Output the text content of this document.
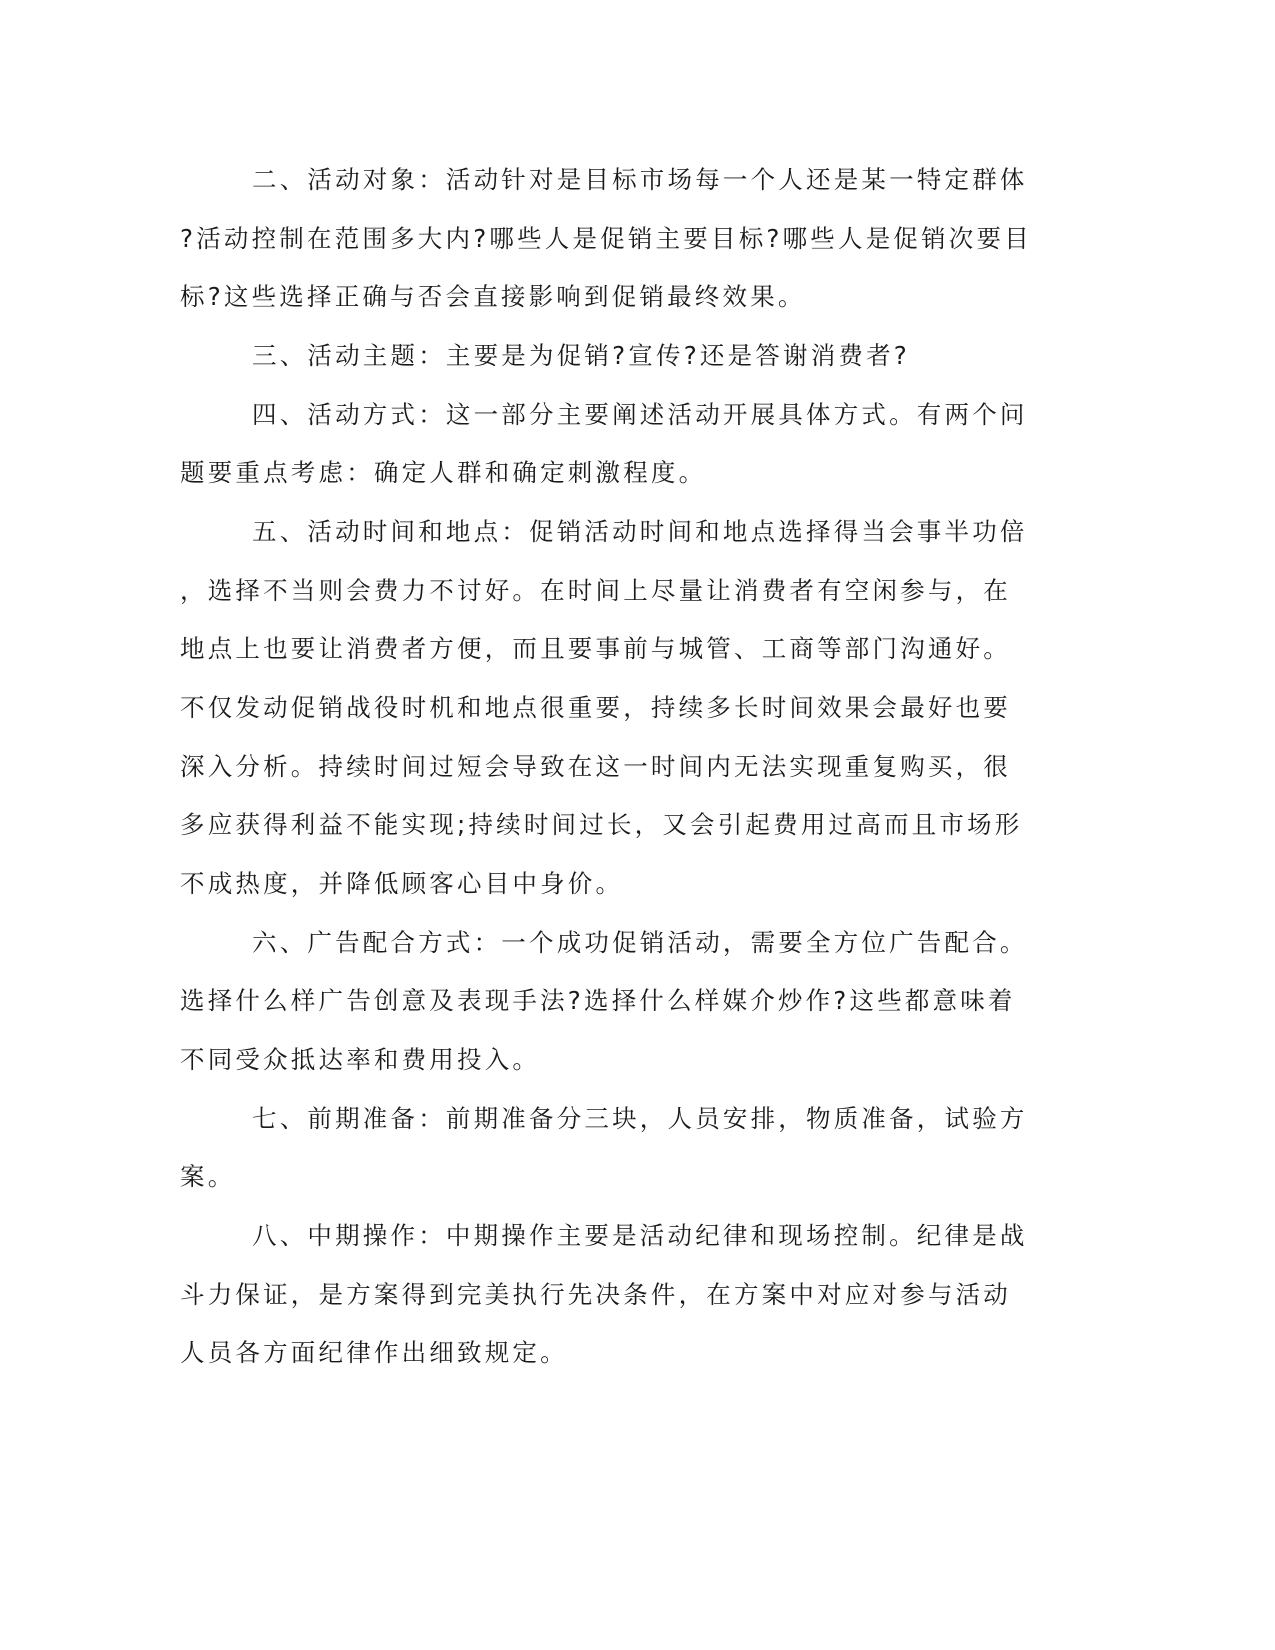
二、活动对象：活动针对是目标市场每一个人还是某一特定群体
?活动控制在范围多大内?哪些人是促销主要目标?哪些人是促销次要目
标?这些选择正确与否会直接影响到促销最终效果。
三、活动主题：主要是为促销?宣传?还是答谢消费者?
四、活动方式：这一部分主要阐述活动开展具体方式。有两个问
题要重点考虑：确定人群和确定刺激程度。
五、活动时间和地点：促销活动时间和地点选择得当会事半功倍
，选择不当则会费力不讨好。在时间上尽量让消费者有空闲参与，在
地点上也要让消费者方便，而且要事前与城管、工商等部门沟通好。
不仅发动促销战役时机和地点很重要，持续多长时间效果会最好也要
深入分析。持续时间过短会导致在这一时间内无法实现重复购买，很
多应获得利益不能实现;持续时间过长，又会引起费用过高而且市场形
不成热度，并降低顾客心目中身价。
六、广告配合方式：一个成功促销活动，需要全方位广告配合。
选择什么样广告创意及表现手法?选择什么样媒介炒作?这些都意味着
不同受众抵达率和费用投入。
七、前期准备：前期准备分三块，人员安排，物质准备，试验方
案。
八、中期操作：中期操作主要是活动纪律和现场控制。纪律是战
斗力保证，是方案得到完美执行先决条件，在方案中对应对参与活动
人员各方面纪律作出细致规定。
